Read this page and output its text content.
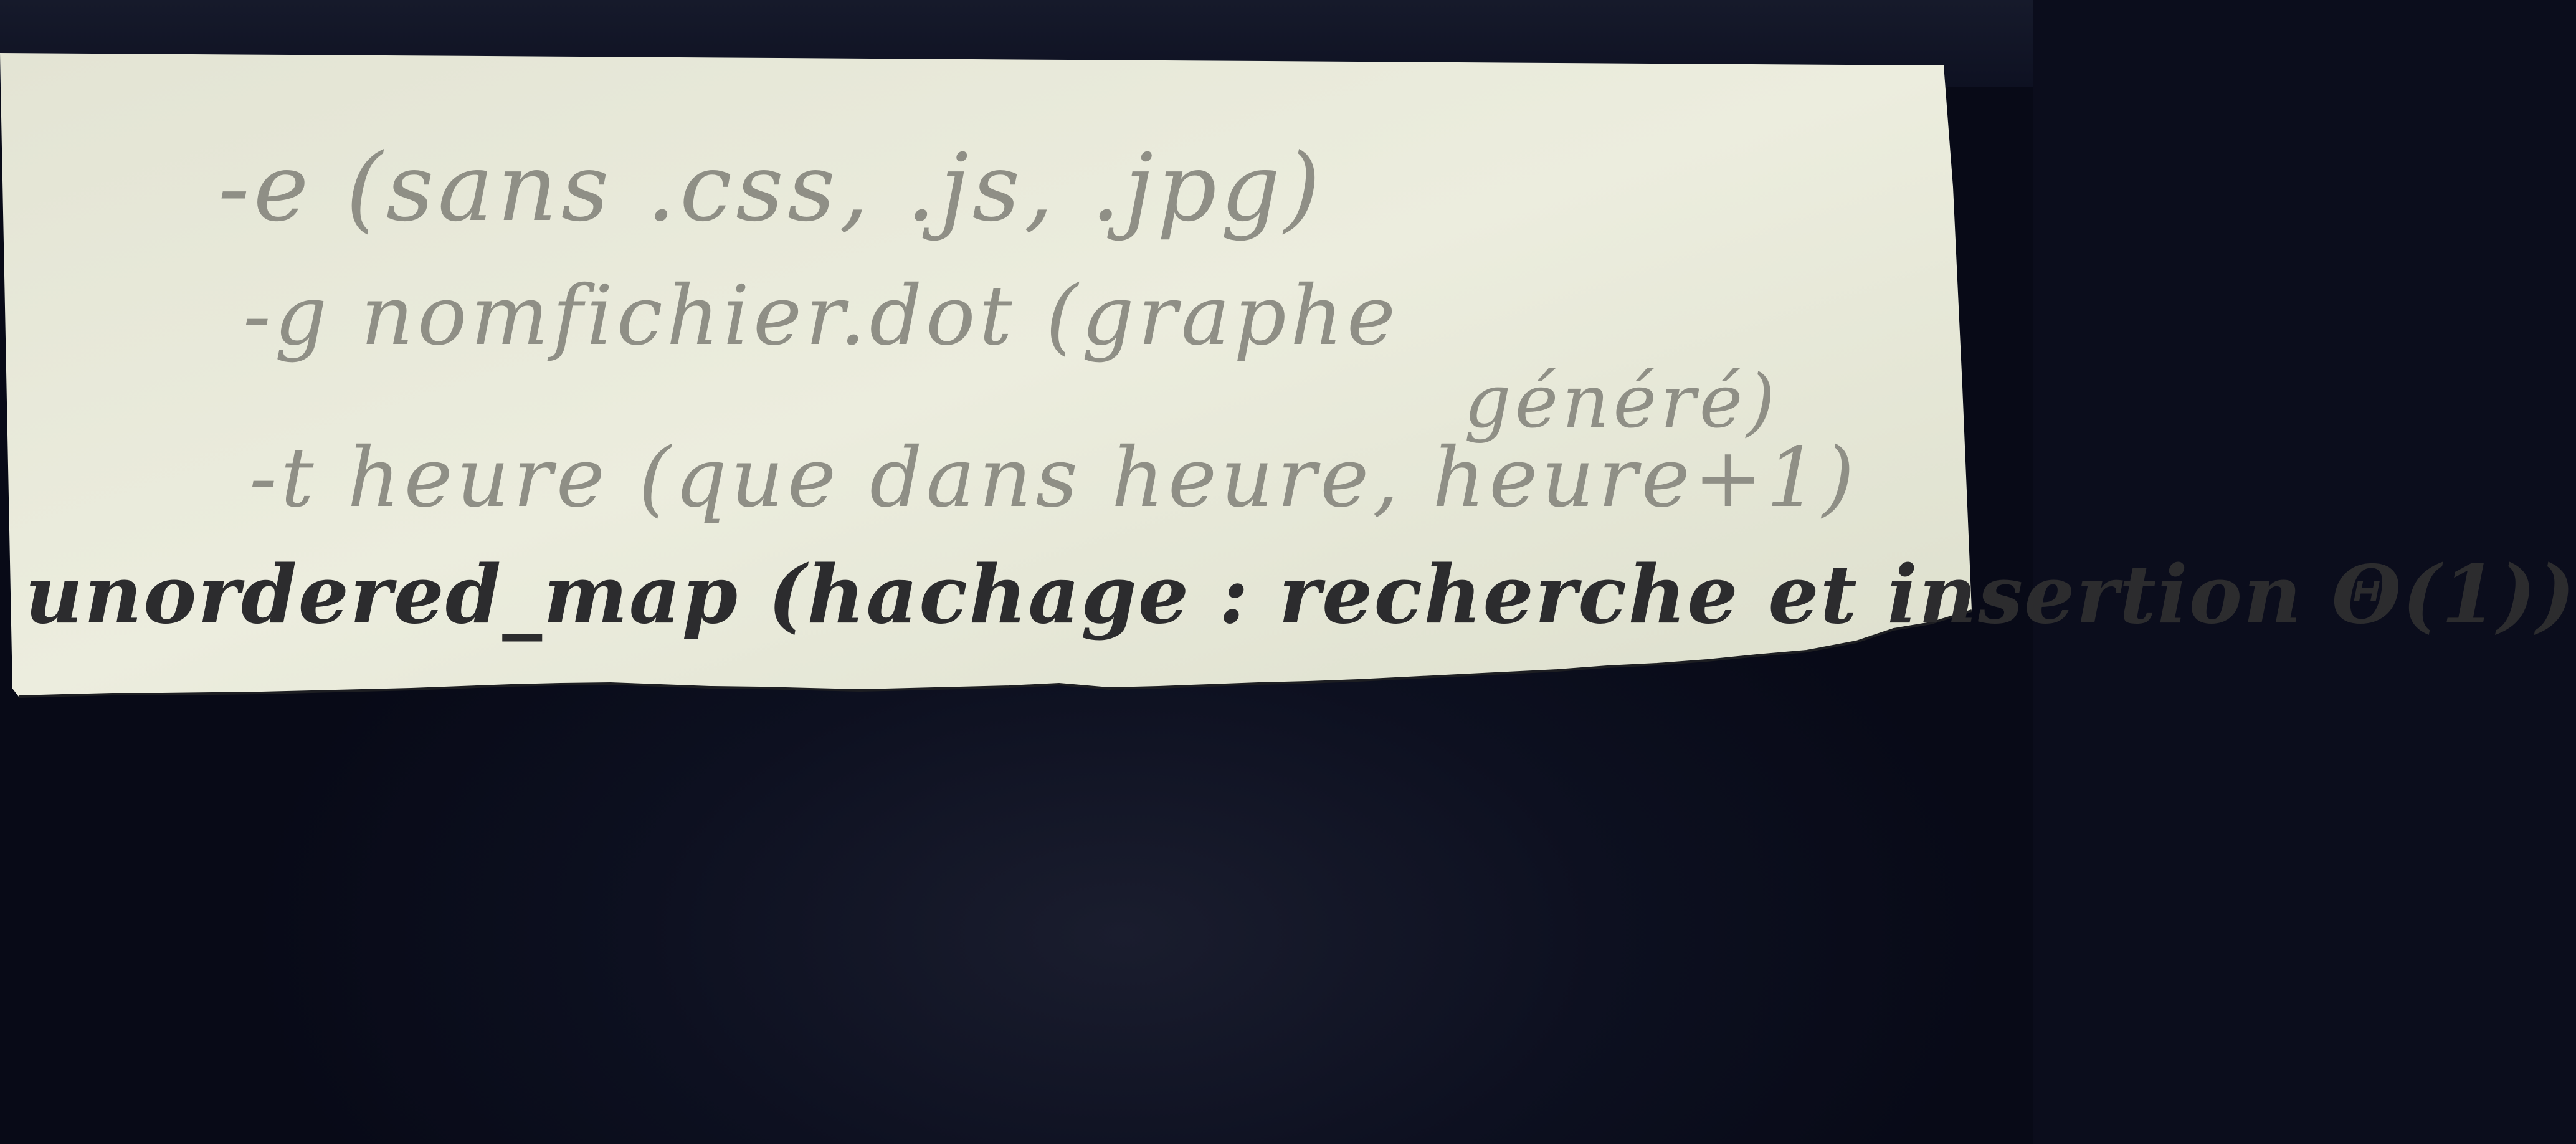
-e (sans .css, .js, .jpg)
-g nomfichier.dot (graphe
généré)
-t heure (que dans heure, heure+1)
unordered_map (hachage : recherche et insertion Θ(1))
